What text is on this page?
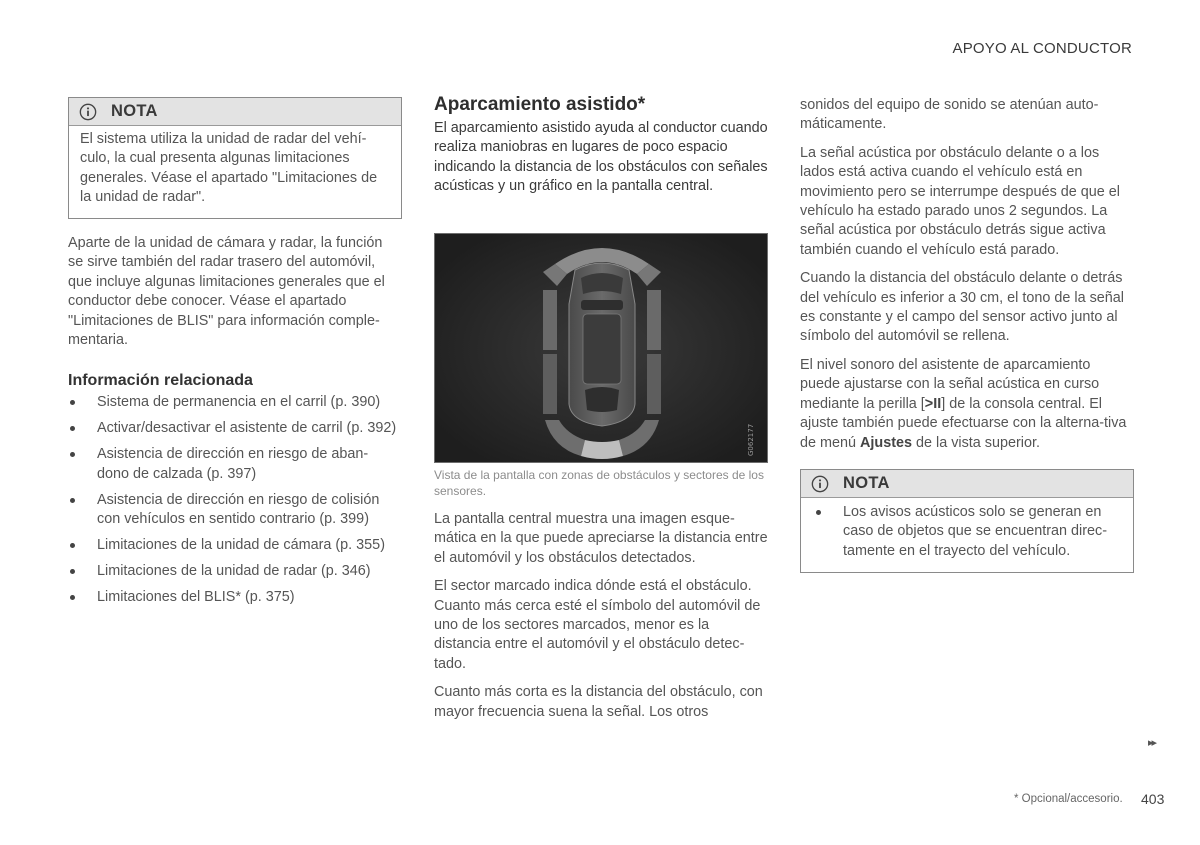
APOYO AL CONDUCTOR
NOTA

El sistema utiliza la unidad de radar del vehí-culo, la cual presenta algunas limitaciones generales. Véase el apartado "Limitaciones de la unidad de radar".

Aparte de la unidad de cámara y radar, la función se sirve también del radar trasero del automóvil, que incluye algunas limitaciones generales que el conductor debe conocer. Véase el apartado "Limitaciones de BLIS" para información comple-mentaria.

Información relacionada
Sistema de permanencia en el carril (p. 390)
Activar/desactivar el asistente de carril (p. 392)
Asistencia de dirección en riesgo de aban-dono de calzada (p. 397)
Asistencia de dirección en riesgo de colisión con vehículos en sentido contrario (p. 399)
Limitaciones de la unidad de cámara (p. 355)
Limitaciones de la unidad de radar (p. 346)
Limitaciones del BLIS* (p. 375)
Aparcamiento asistido*

El aparcamiento asistido ayuda al conductor cuando realiza maniobras en lugares de poco espacio indicando la distancia de los obstáculos con señales acústicas y un gráfico en la pantalla central.

G062177
Vista de la pantalla con zonas de obstáculos y sectores de los sensores.

La pantalla central muestra una imagen esque-mática en la que puede apreciarse la distancia entre el automóvil y los obstáculos detectados.

El sector marcado indica dónde está el obstáculo. Cuanto más cerca esté el símbolo del automóvil de uno de los sectores marcados, menor es la distancia entre el automóvil y el obstáculo detec-tado.

Cuanto más corta es la distancia del obstáculo, con mayor frecuencia suena la señal. Los otros

sonidos del equipo de sonido se atenúan auto-máticamente.

La señal acústica por obstáculo delante o a los lados está activa cuando el vehículo está en movimiento pero se interrumpe después de que el vehículo ha estado parado unos 2 segundos. La señal acústica por obstáculo detrás sigue activa también cuando el vehículo está parado.

Cuando la distancia del obstáculo delante o detrás del vehículo es inferior a 30 cm, el tono de la señal es constante y el campo del sensor activo junto al símbolo del automóvil se rellena.

El nivel sonoro del asistente de aparcamiento puede ajustarse con la señal acústica en curso mediante la perilla [>II] de la consola central. El ajuste también puede efectuarse con la alterna-tiva de menú Ajustes de la vista superior.

NOTA
Los avisos acústicos solo se generan en caso de objetos que se encuentran direc-tamente en el trayecto del vehículo.
▸▸
* Opcional/accesorio. 403
